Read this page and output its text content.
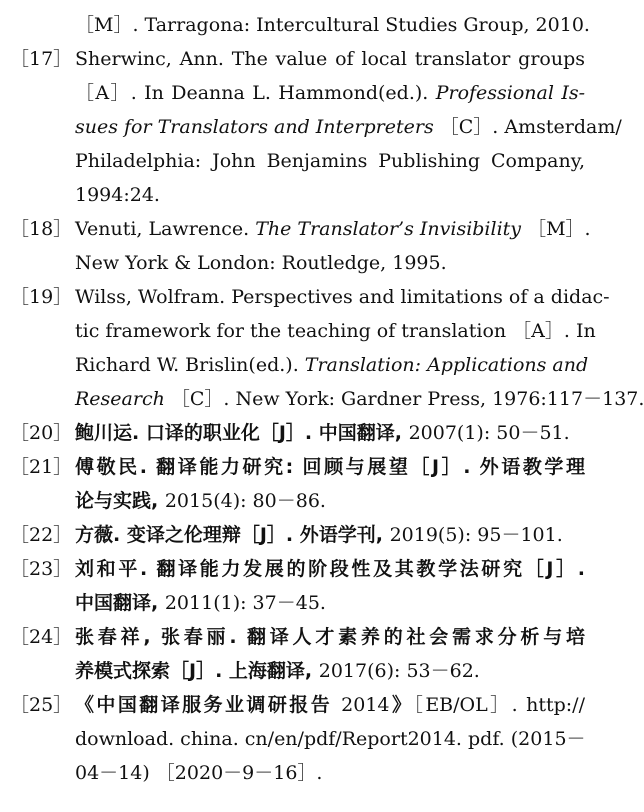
［M］. Tarragona: Intercultural Studies Group, 2010.
［17］ Sherwinc, Ann. The value of local translator groups
［A］. In Deanna L. Hammond(ed.). Professional Is-
sues for Translators and Interpreters ［C］. Amsterdam/
Philadelphia: John Benjamins Publishing Company,
1994:24.
［18］ Venuti, Lawrence. The Translator’s Invisibility ［M］.
New York & London: Routledge, 1995.
［19］ Wilss, Wolfram. Perspectives and limitations of a didac-
tic framework for the teaching of translation ［A］. In
Richard W. Brislin(ed.). Translation: Applications and
Research ［C］. New York: Gardner Press, 1976:117－137.
［20］ 鲍川运. 口译的职业化［J］. 中国翻译, 2007(1): 50－51.
［21］ 傅敬民. 翻译能力研究: 回顾与展望［J］. 外语教学理
论与实践, 2015(4): 80－86.
［22］ 方薇. 变译之伦理辩［J］. 外语学刊, 2019(5): 95－101.
［23］ 刘和平. 翻译能力发展的阶段性及其教学法研究［J］.
中国翻译, 2011(1): 37－45.
［24］ 张春祥, 张春丽. 翻译人才素养的社会需求分析与培
养模式探索［J］. 上海翻译, 2017(6): 53－62.
［25］ 《中国翻译服务业调研报告 2014》［EB/OL］. http://
download. china. cn/en/pdf/Report2014. pdf. (2015－
04－14) ［2020－9－16］.
